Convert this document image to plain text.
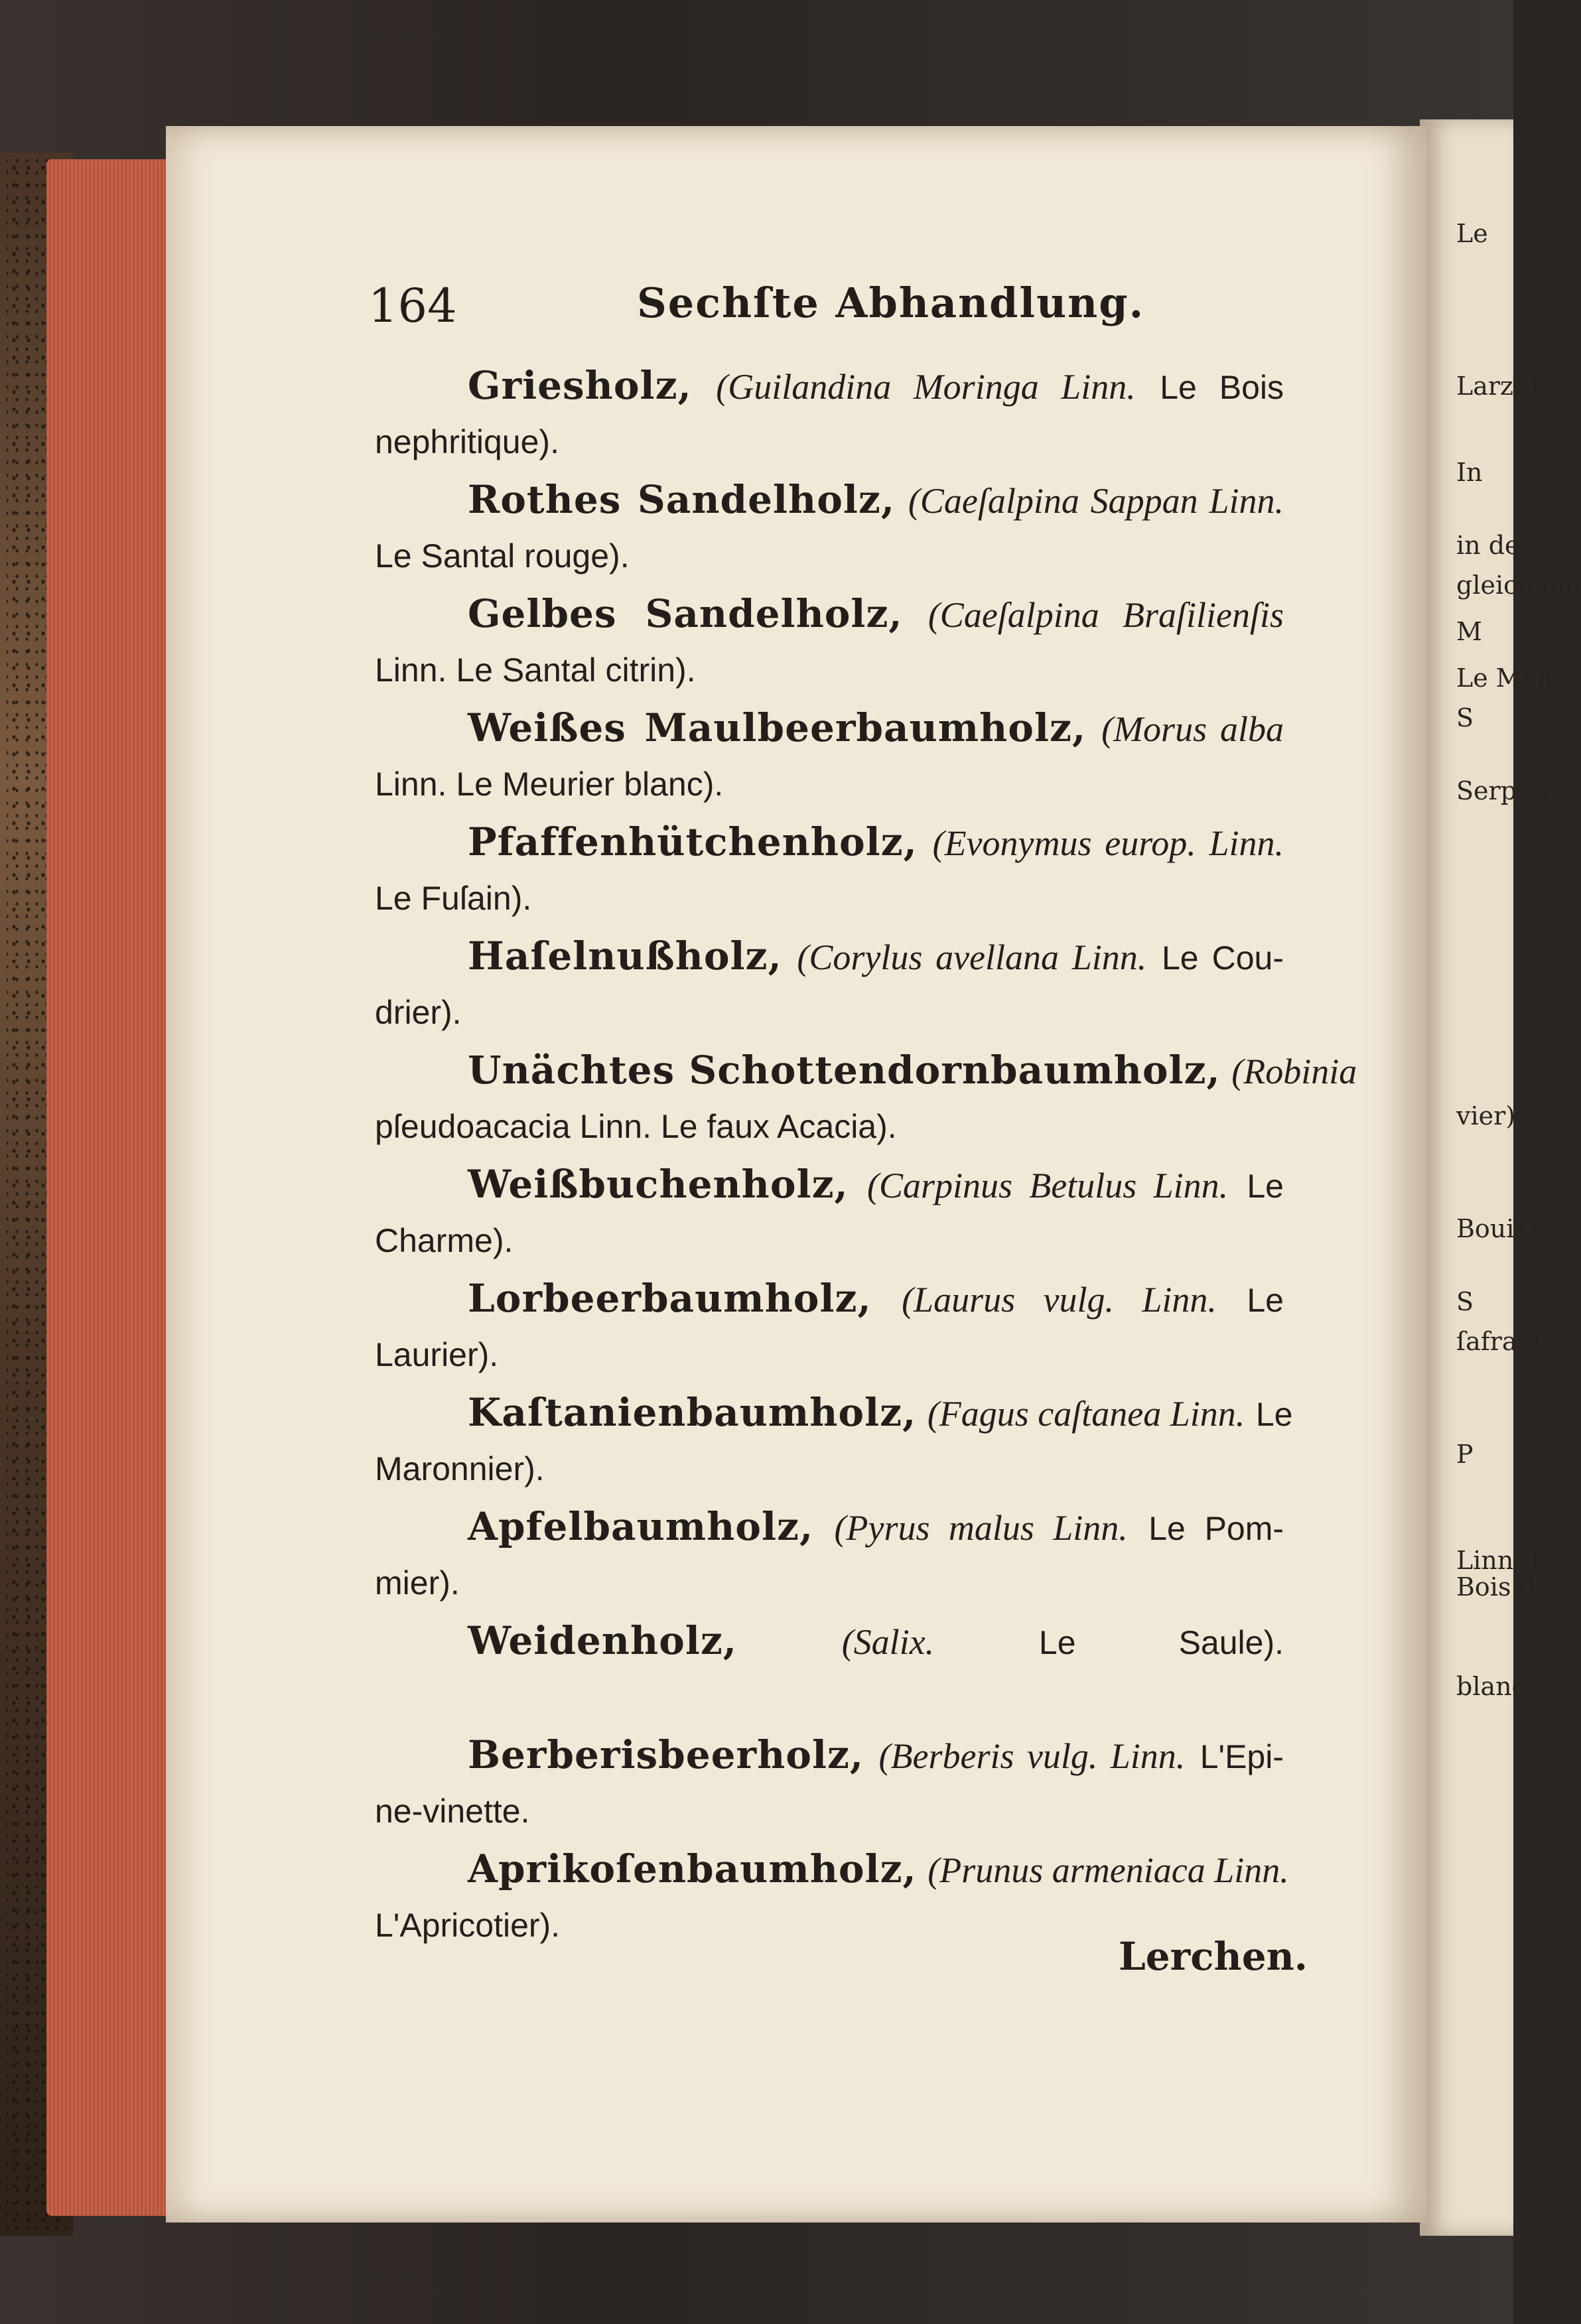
164	Sechſte Abhandlung.
Griesholz, (Guilandina Moringa Linn. Le Bois
nephritique).
Rothes Sandelholz, (Caeſalpina Sappan Linn.
Le Santal rouge).
Gelbes Sandelholz, (Caeſalpina Braſilienſis
Linn. Le Santal citrin).
Weißes Maulbeerbaumholz, (Morus alba
Linn. Le Meurier blanc).
Pfaffenhütchenholz, (Evonymus europ. Linn.
Le Fuſain).
Haſelnußholz, (Corylus avellana Linn. Le Cou-
drier).
Unächtes Schottendornbaumholz, (Robinia
pſeudoacacia Linn. Le faux Acacia).
Weißbuchenholz, (Carpinus Betulus Linn. Le
Charme).
Lorbeerbaumholz, (Laurus vulg. Linn. Le
Laurier).
Kaſtanienbaumholz, (Fagus caſtanea Linn. Le
Maronnier).
Apfelbaumholz, (Pyrus malus Linn. Le Pom-
mier).
Weidenholz,	(Salix.	Le Saule).
Berberisbeerholz, (Berberis vulg. Linn. L'Epi-
ne-vinette.
Aprikoſenbaumholz, (Prunus armeniaca Linn.
L'Apricotier).
Lerchen.
Le
Larze).
In
in der m
gleich ein
M
Le Mahe
S
Serpen
vier).
Bouis).
S
ſafras).
P
Linn. L
Bois d
blanc)
